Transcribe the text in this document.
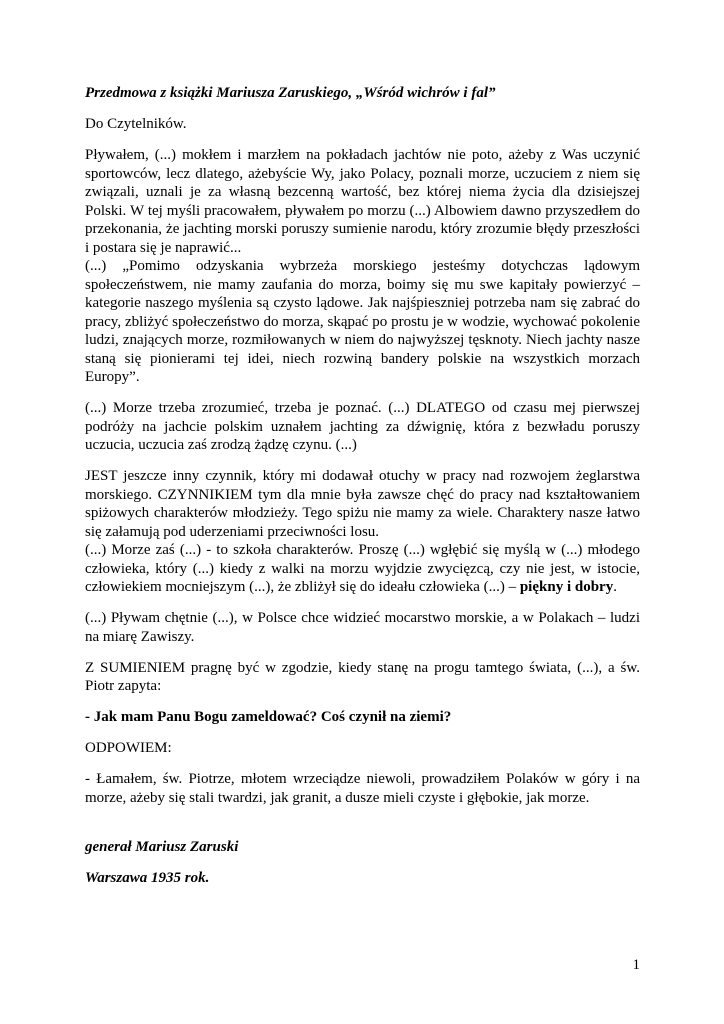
Przedmowa z książki Mariusza Zaruskiego, „Wśród wichrów i fal”

Do Czytelników.

Pływałem, (...) mokłem i marzłem na pokładach jachtów nie poto, ażeby z Was uczynić sportowców, lecz dlatego, ażebyście Wy, jako Polacy, poznali morze, uczuciem z niem się związali, uznali je za własną bezcenną wartość, bez której niema życia dla dzisiejszej Polski. W tej myśli pracowałem, pływałem po morzu (...) Albowiem dawno przyszedłem do przekonania, że jachting morski poruszy sumienie narodu, który zrozumie błędy przeszłości i postara się je naprawić...

(...) „Pomimo odzyskania wybrzeża morskiego jesteśmy dotychczas lądowym społeczeństwem, nie mamy zaufania do morza, boimy się mu swe kapitały powierzyć – kategorie naszego myślenia są czysto lądowe. Jak najśpieszniej potrzeba nam się zabrać do pracy, zbliżyć społeczeństwo do morza, skąpać po prostu je w wodzie, wychować pokolenie ludzi, znających morze, rozmiłowanych w niem do najwyższej tęsknoty. Niech jachty nasze staną się pionierami tej idei, niech rozwiną bandery polskie na wszystkich morzach Europy”.

(...) Morze trzeba zrozumieć, trzeba je poznać. (...) DLATEGO od czasu mej pierwszej podróży na jachcie polskim uznałem jachting za dźwignię, która z bezwładu poruszy uczucia, uczucia zaś zrodzą żądzę czynu. (...)

JEST jeszcze inny czynnik, który mi dodawał otuchy w pracy nad rozwojem żeglarstwa morskiego. CZYNNIKIEM tym dla mnie była zawsze chęć do pracy nad kształtowaniem spiżowych charakterów młodzieży. Tego spiżu nie mamy za wiele. Charaktery nasze łatwo się załamują pod uderzeniami przeciwności losu.

(...) Morze zaś (...) - to szkoła charakterów. Proszę (...) wgłębić się myślą w (...) młodego człowieka, który (...) kiedy z walki na morzu wyjdzie zwycięzcą, czy nie jest, w istocie, człowiekiem mocniejszym (...), że zbliżył się do ideału człowieka (...) – piękny i dobry.

(...) Pływam chętnie (...), w Polsce chce widzieć mocarstwo morskie, a w Polakach – ludzi na miarę Zawiszy.

Z SUMIENIEM pragnę być w zgodzie, kiedy stanę na progu tamtego świata, (...), a św. Piotr zapyta:

- Jak mam Panu Bogu zameldować? Coś czynił na ziemi?

ODPOWIEM:

- Łamałem, św. Piotrze, młotem wrzeciądze niewoli, prowadziłem Polaków w góry i na morze, ażeby się stali twardzi, jak granit, a dusze mieli czyste i głębokie, jak morze.

generał Mariusz Zaruski

Warszawa 1935 rok.

1
